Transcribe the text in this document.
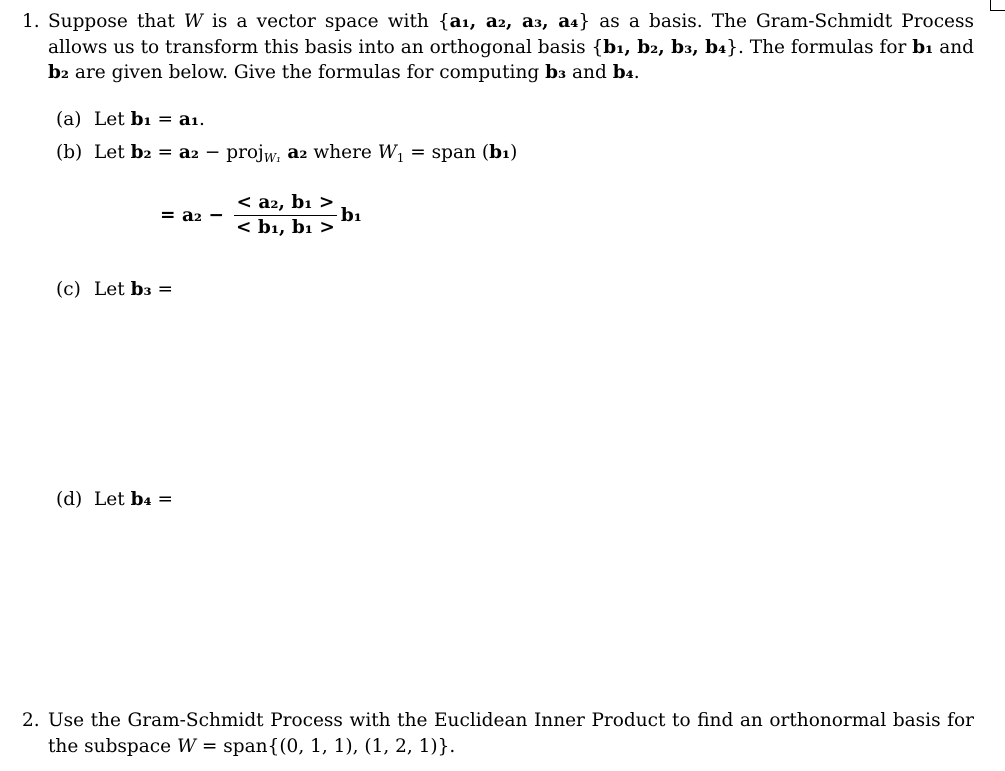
1. Suppose that W is a vector space with {a₁, a₂, a₃, a₄} as a basis. The Gram-Schmidt Process allows us to transform this basis into an orthogonal basis {b₁, b₂, b₃, b₄}. The formulas for b₁ and b₂ are given below. Give the formulas for computing b₃ and b₄.
(a) Let b₁ = a₁.
(b) Let b₂ = a₂ − proj$_{W_1}$ a₂ where $W_1$ = span (b₁)
= $a_2 - \frac{\text{< a₂, b₁ >}}{\text{< b₁, b₁ >}} b_1$
(c) Let b₃ =
(d) Let b₄ =
2. Use the Gram-Schmidt Process with the Euclidean Inner Product to find an orthonormal basis for the subspace W = span{(0, 1, 1), (1, 2, 1)}.
